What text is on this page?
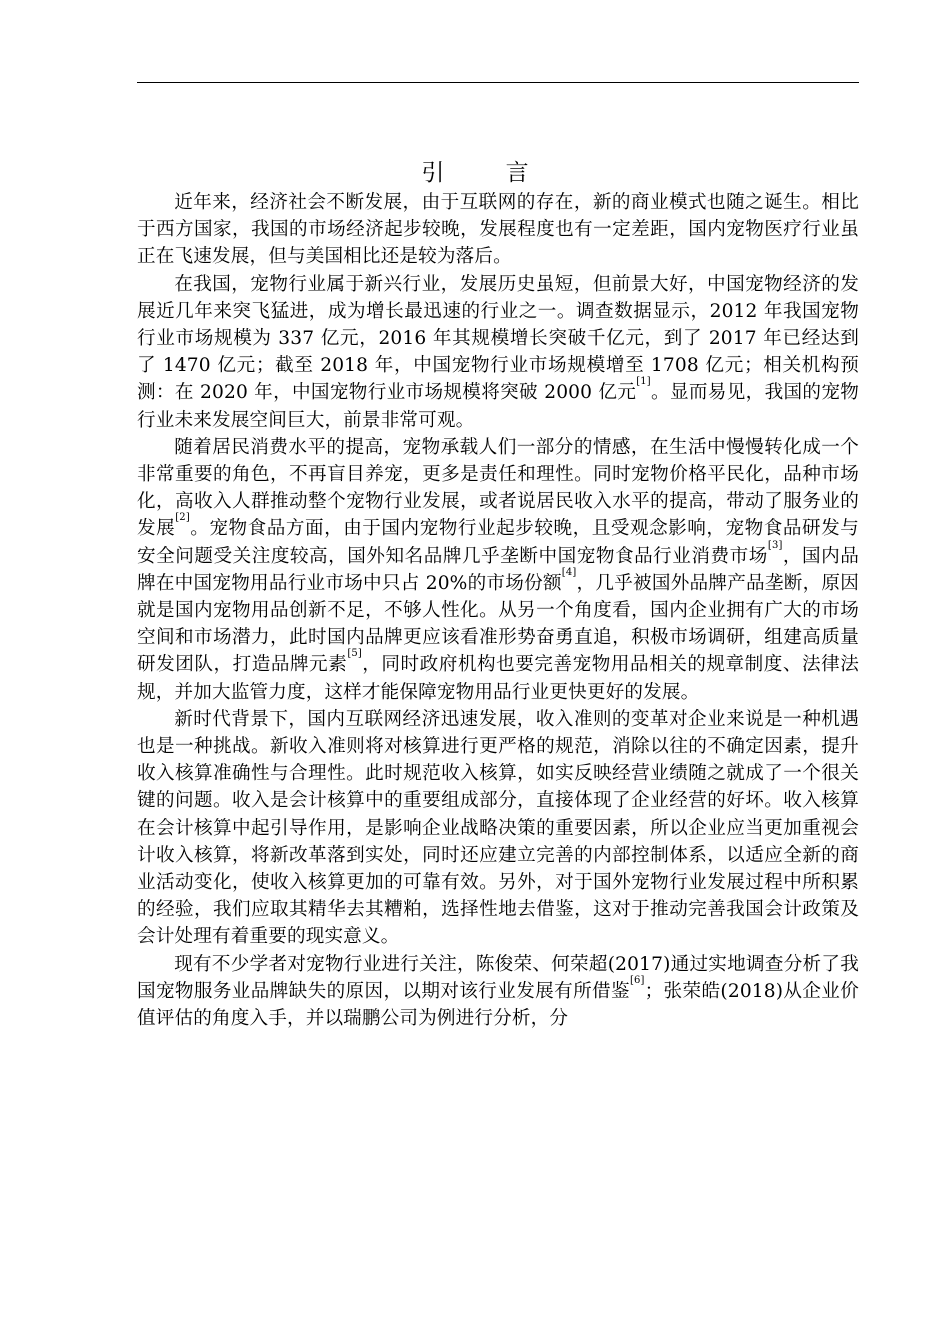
引 言

近年来，经济社会不断发展，由于互联网的存在，新的商业模式也随之诞生。相比于西方国家，我国的市场经济起步较晚，发展程度也有一定差距，国内宠物医疗行业虽正在飞速发展，但与美国相比还是较为落后。

在我国，宠物行业属于新兴行业，发展历史虽短，但前景大好，中国宠物经济的发展近几年来突飞猛进，成为增长最迅速的行业之一。调查数据显示，2012 年我国宠物行业市场规模为 337 亿元，2016 年其规模增长突破千亿元，到了 2017 年已经达到了 1470 亿元；截至 2018 年，中国宠物行业市场规模增至 1708 亿元；相关机构预测：在 2020 年，中国宠物行业市场规模将突破 2000 亿元[1]。显而易见，我国的宠物行业未来发展空间巨大，前景非常可观。

随着居民消费水平的提高，宠物承载人们一部分的情感，在生活中慢慢转化成一个非常重要的角色，不再盲目养宠，更多是责任和理性。同时宠物价格平民化，品种市场化，高收入人群推动整个宠物行业发展，或者说居民收入水平的提高，带动了服务业的发展[2]。宠物食品方面，由于国内宠物行业起步较晚，且受观念影响，宠物食品研发与安全问题受关注度较高，国外知名品牌几乎垄断中国宠物食品行业消费市场[3]，国内品牌在中国宠物用品行业市场中只占 20%的市场份额[4]，几乎被国外品牌产品垄断，原因就是国内宠物用品创新不足，不够人性化。从另一个角度看，国内企业拥有广大的市场空间和市场潜力，此时国内品牌更应该看准形势奋勇直追，积极市场调研，组建高质量研发团队，打造品牌元素[5]，同时政府机构也要完善宠物用品相关的规章制度、法律法规，并加大监管力度，这样才能保障宠物用品行业更快更好的发展。

新时代背景下，国内互联网经济迅速发展，收入准则的变革对企业来说是一种机遇也是一种挑战。新收入准则将对核算进行更严格的规范，消除以往的不确定因素，提升收入核算准确性与合理性。此时规范收入核算，如实反映经营业绩随之就成了一个很关键的问题。收入是会计核算中的重要组成部分，直接体现了企业经营的好坏。收入核算在会计核算中起引导作用，是影响企业战略决策的重要因素，所以企业应当更加重视会计收入核算，将新改革落到实处，同时还应建立完善的内部控制体系，以适应全新的商业活动变化，使收入核算更加的可靠有效。另外，对于国外宠物行业发展过程中所积累的经验，我们应取其精华去其糟粕，选择性地去借鉴，这对于推动完善我国会计政策及会计处理有着重要的现实意义。

现有不少学者对宠物行业进行关注，陈俊荣、何荣超(2017)通过实地调查分析了我国宠物服务业品牌缺失的原因，以期对该行业发展有所借鉴[6]；张荣皓(2018)从企业价值评估的角度入手，并以瑞鹏公司为例进行分析，分
